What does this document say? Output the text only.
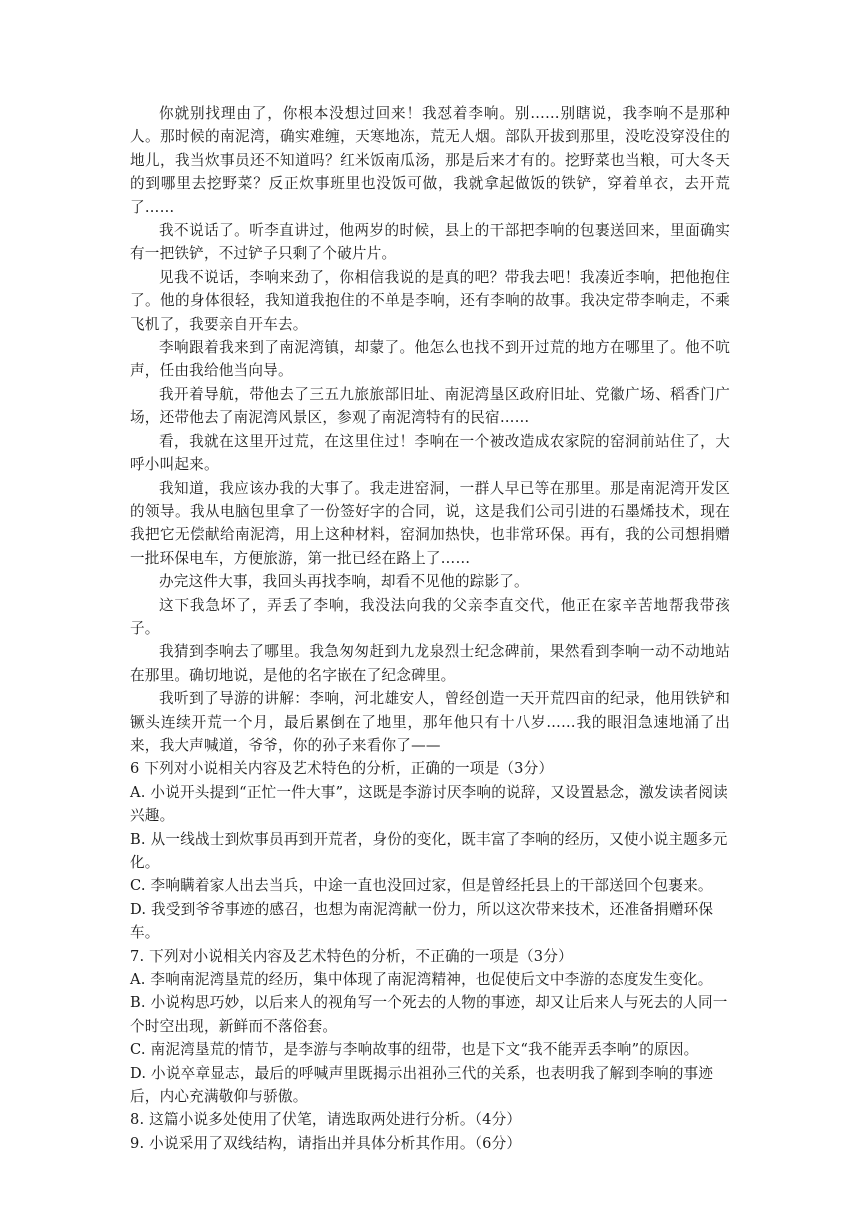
你就别找理由了，你根本没想过回来！我怼着李响。别……别瞎说，我李响不是那种人。那时候的南泥湾，确实难缠，天寒地冻，荒无人烟。部队开拔到那里，没吃没穿没住的地儿，我当炊事员还不知道吗？红米饭南瓜汤，那是后来才有的。挖野菜也当粮，可大冬天的到哪里去挖野菜？反正炊事班里也没饭可做，我就拿起做饭的铁铲，穿着单衣，去开荒了……

我不说话了。听李直讲过，他两岁的时候，县上的干部把李响的包裹送回来，里面确实有一把铁铲，不过铲子只剩了个破片片。

见我不说话，李响来劲了，你相信我说的是真的吧？带我去吧！我凑近李响，把他抱住了。他的身体很轻，我知道我抱住的不单是李响，还有李响的故事。我决定带李响走，不乘飞机了，我要亲自开车去。

李响跟着我来到了南泥湾镇，却蒙了。他怎么也找不到开过荒的地方在哪里了。他不吭声，任由我给他当向导。

我开着导航，带他去了三五九旅旅部旧址、南泥湾垦区政府旧址、党徽广场、稻香门广场，还带他去了南泥湾风景区，参观了南泥湾特有的民宿……

看，我就在这里开过荒，在这里住过！李响在一个被改造成农家院的窑洞前站住了，大呼小叫起来。

我知道，我应该办我的大事了。我走进窑洞，一群人早已等在那里。那是南泥湾开发区的领导。我从电脑包里拿了一份签好字的合同，说，这是我们公司引进的石墨烯技术，现在我把它无偿献给南泥湾，用上这种材料，窑洞加热快，也非常环保。再有，我的公司想捐赠一批环保电车，方便旅游，第一批已经在路上了……

办完这件大事，我回头再找李响，却看不见他的踪影了。

这下我急坏了，弄丢了李响，我没法向我的父亲李直交代，他正在家辛苦地帮我带孩子。

我猜到李响去了哪里。我急匆匆赶到九龙泉烈士纪念碑前，果然看到李响一动不动地站在那里。确切地说，是他的名字嵌在了纪念碑里。

我听到了导游的讲解：李响，河北雄安人，曾经创造一天开荒四亩的纪录，他用铁铲和镢头连续开荒一个月，最后累倒在了地里，那年他只有十八岁……我的眼泪急速地涌了出来，我大声喊道，爷爷，你的孙子来看你了——

6 下列对小说相关内容及艺术特色的分析，正确的一项是（3分）

A. 小说开头提到“正忙一件大事”，这既是李游讨厌李响的说辞，又设置悬念，激发读者阅读兴趣。

B. 从一线战士到炊事员再到开荒者，身份的变化，既丰富了李响的经历，又使小说主题多元化。

C. 李响瞒着家人出去当兵，中途一直也没回过家，但是曾经托县上的干部送回个包裹来。

D. 我受到爷爷事迹的感召，也想为南泥湾献一份力，所以这次带来技术，还准备捐赠环保车。

7. 下列对小说相关内容及艺术特色的分析，不正确的一项是（3分）

A. 李响南泥湾垦荒的经历，集中体现了南泥湾精神，也促使后文中李游的态度发生变化。

B. 小说构思巧妙，以后来人的视角写一个死去的人物的事迹，却又让后来人与死去的人同一个时空出现，新鲜而不落俗套。

C. 南泥湾垦荒的情节，是李游与李响故事的纽带，也是下文“我不能弄丢李响”的原因。

D. 小说卒章显志，最后的呼喊声里既揭示出祖孙三代的关系，也表明我了解到李响的事迹后，内心充满敬仰与骄傲。

8. 这篇小说多处使用了伏笔，请选取两处进行分析。（4分）

9. 小说采用了双线结构，请指出并具体分析其作用。（6分）
